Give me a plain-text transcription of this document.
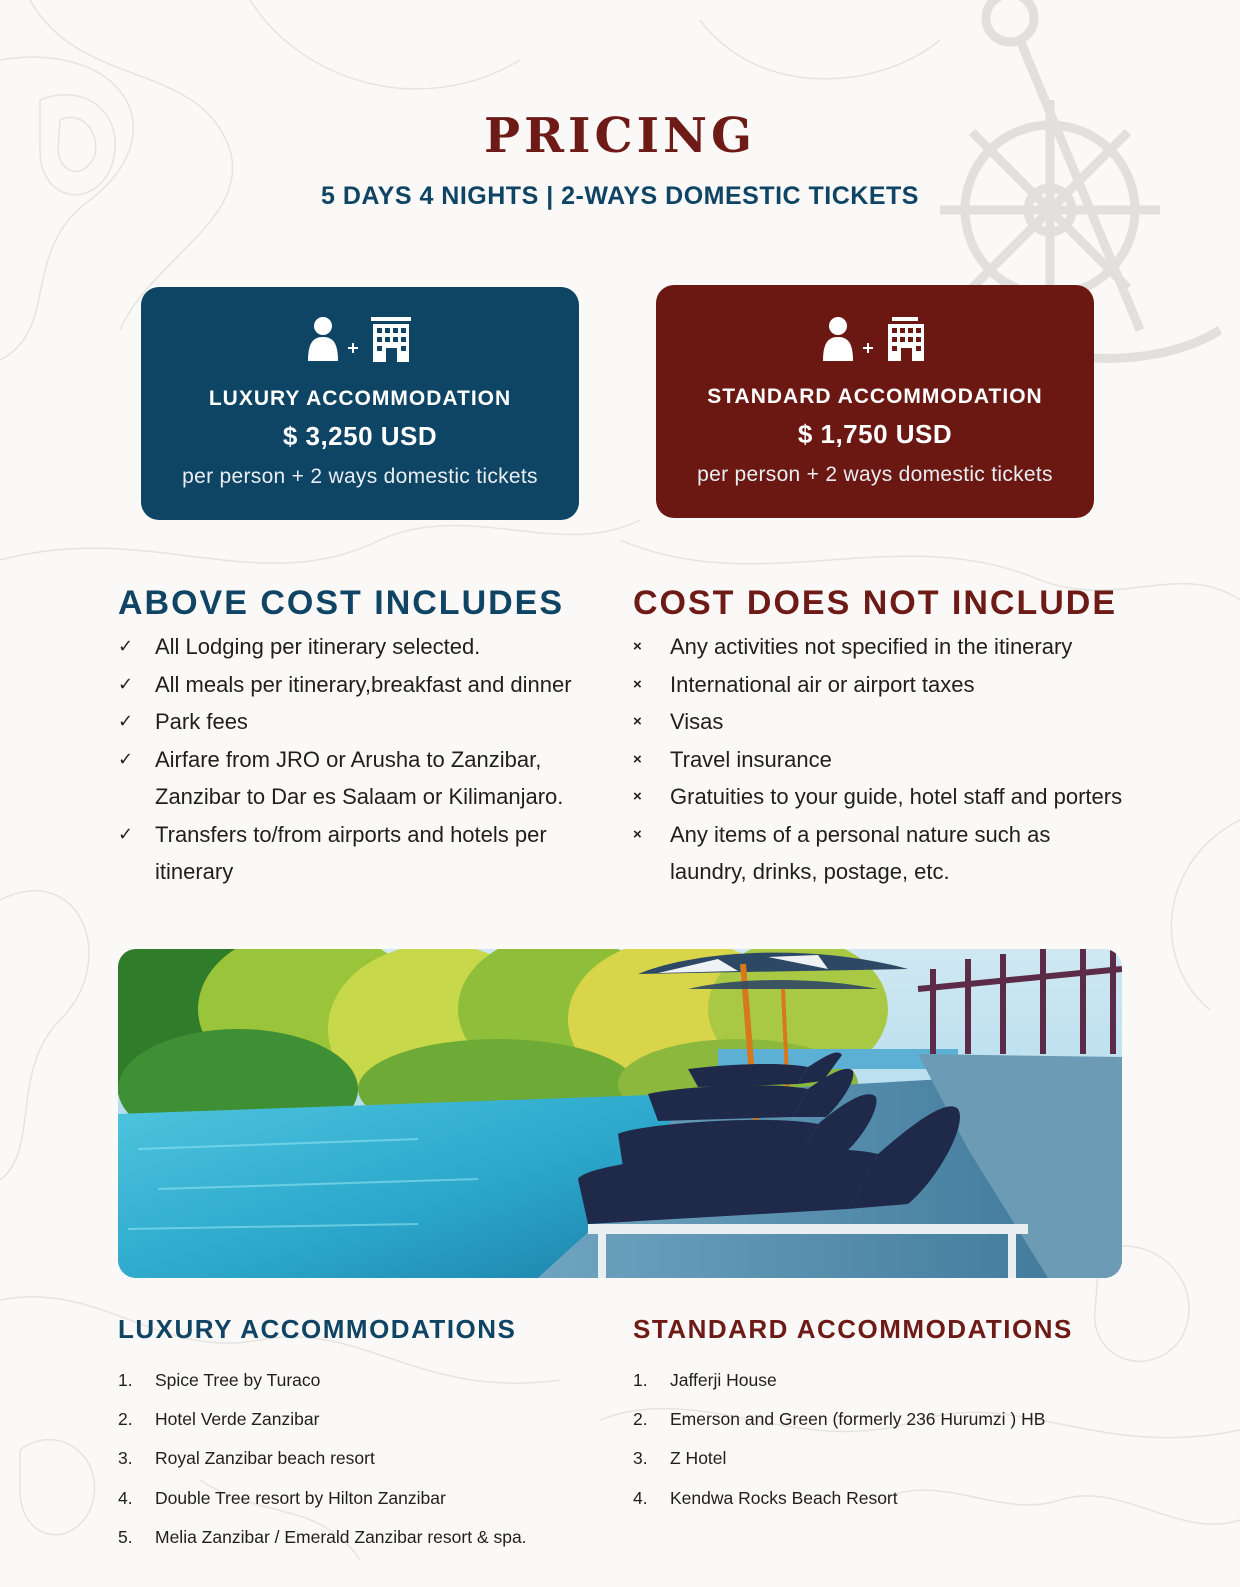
PRICING
5 DAYS 4 NIGHTS | 2-WAYS DOMESTIC TICKETS
LUXURY ACCOMMODATION
$ 3,250 USD
per person + 2 ways domestic tickets
STANDARD ACCOMMODATION
$ 1,750 USD
per person + 2 ways domestic tickets
ABOVE COST INCLUDES COST DOES NOT INCLUDE
✓ All Lodging per itinerary selected.
✓ All meals per itinerary,breakfast and dinner
✓ Park fees
✓ Airfare from JRO or Arusha to Zanzibar, Zanzibar to Dar es Salaam or Kilimanjaro.
✓ Transfers to/from airports and hotels per itinerary
×	Any activities not specified in the itinerary
×	International air or airport taxes
×	Visas
×	Travel insurance
×	Gratuities to your guide, hotel staff and porters
×	Any items of a personal nature such as laundry, drinks, postage, etc.
LUXURY ACCOMMODATIONS	STANDARD ACCOMMODATIONS
1. Spice Tree by Turaco
2. Hotel Verde Zanzibar
3. Royal Zanzibar beach resort
4. Double Tree resort by Hilton Zanzibar
5. Melia Zanzibar / Emerald Zanzibar resort & spa.
1. Jafferji House
2. Emerson and Green (formerly 236 Hurumzi ) HB
3. Z Hotel
4. Kendwa Rocks Beach Resort
